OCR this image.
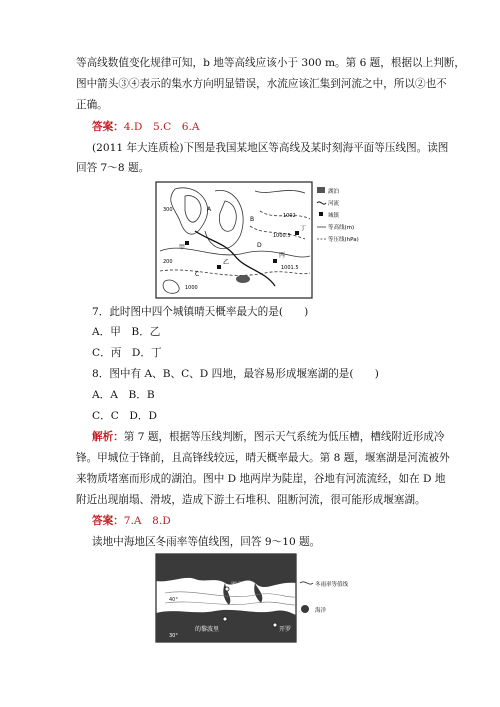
等高线数值变化规律可知，b 地等高线应该小于 300 m。第 6 题，根据以上判断，
图中箭头③④表示的集水方向明显错误，水流应该汇集到河流之中，所以②也不
正确。
答案：4.D　5.C　6.A
(2011 年大连质检)下图是我国某地区等高线及某时刻海平面等压线图。读图
回答 7～8 题。
甲
乙
丙
丁
A
B
C
D
200
300
1000.5
1002
1001.5
1000
湖泊
河流
城镇
等高线(m)
等压线(hPa)
7．此时图中四个城镇晴天概率最大的是(　　)
A．甲　B．乙
C．丙　D．丁
8．图中有 A、B、C、D 四地，最容易形成堰塞湖的是(　　)
A．A　B．B
C．C　D．D
解析：第 7 题，根据等压线判断，图示天气系统为低压槽，槽线附近形成冷
锋。甲城位于锋前，且高锋线较远，晴天概率最大。第 8 题，堰塞湖是河流被外
来物质堵塞而形成的湖泊。图中 D 地两岸为陡崖，谷地有河流流经，如在 D 地
附近出现崩塌、滑坡，造成下游土石堆积、阻断河流，很可能形成堰塞湖。
答案：7.A　8.D
读地中海地区冬雨率等值线图，回答 9～10 题。
罗马
开罗
的黎波里
40°
30°
冬雨率等值线
海洋
